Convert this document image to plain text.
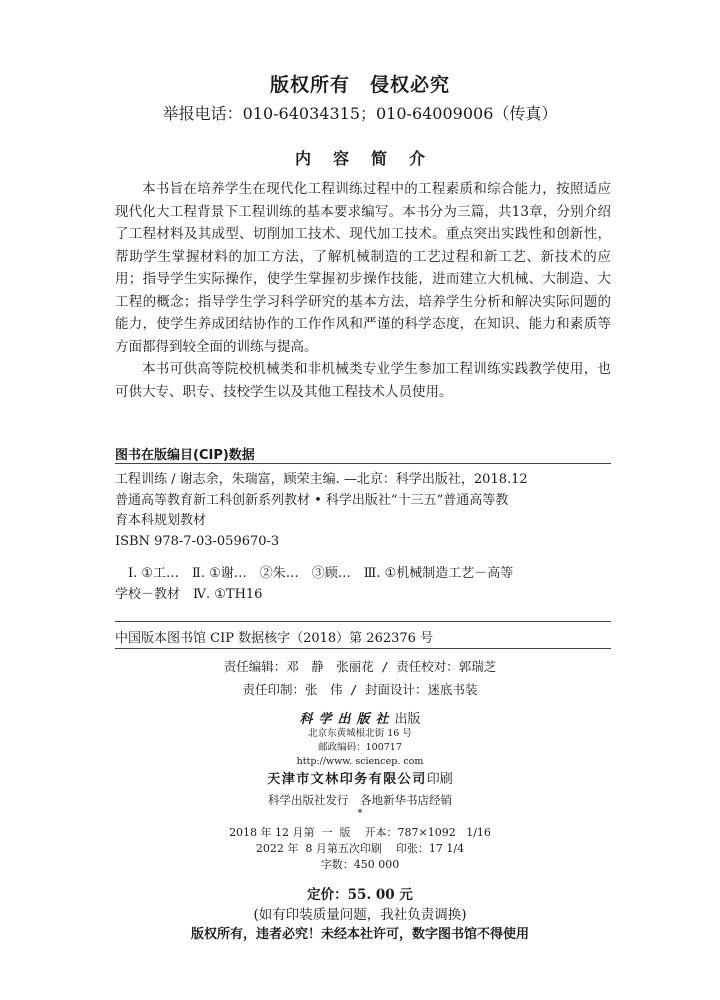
版权所有 侵权必究
举报电话：010-64034315；010-64009006（传真）
内容简介

本书旨在培养学生在现代化工程训练过程中的工程素质和综合能力，按照适应现代化大工程背景下工程训练的基本要求编写。本书分为三篇，共13章，分别介绍了工程材料及其成型、切削加工技术、现代加工技术。重点突出实践性和创新性，帮助学生掌握材料的加工方法，了解机械制造的工艺过程和新工艺、新技术的应用；指导学生实际操作，使学生掌握初步操作技能，进而建立大机械、大制造、大工程的概念；指导学生学习科学研究的基本方法，培养学生分析和解决实际问题的能力，使学生养成团结协作的工作作风和严谨的科学态度，在知识、能力和素质等方面都得到较全面的训练与提高。

本书可供高等院校机械类和非机械类专业学生参加工程训练实践教学使用，也可供大专、职专、技校学生以及其他工程技术人员使用。

图书在版编目(CIP)数据
工程训练 / 谢志余，朱瑞富，顾荣主编. —北京：科学出版社，2018.12
普通高等教育新工科创新系列教材 • 科学出版社“十三五”普通高等教
育本科规划教材
ISBN 978-7-03-059670-3
Ⅰ. ①工…　Ⅱ. ①谢…　②朱…　③顾…　Ⅲ. ①机械制造工艺－高等
学校－教材　Ⅳ. ①TH16
中国版本图书馆 CIP 数据核字（2018）第 262376 号
责任编辑：邓　静　张丽花 / 责任校对：郭瑞芝
责任印制：张　伟 / 封面设计：迷底书装
科学出版社出版
北京东黄城根北街 16 号
邮政编码：100717
http://www. sciencep. com
天津市文林印务有限公司印刷
科学出版社发行　各地新华书店经销
*
2018 年 12 月第  一  版    开本：787×1092   1/16
2022 年  8 月第五次印刷    印张：17 1/4
字数：450 000
定价：55. 00 元
(如有印装质量问题，我社负责调换)
版权所有，违者必究！未经本社许可，数字图书馆不得使用
